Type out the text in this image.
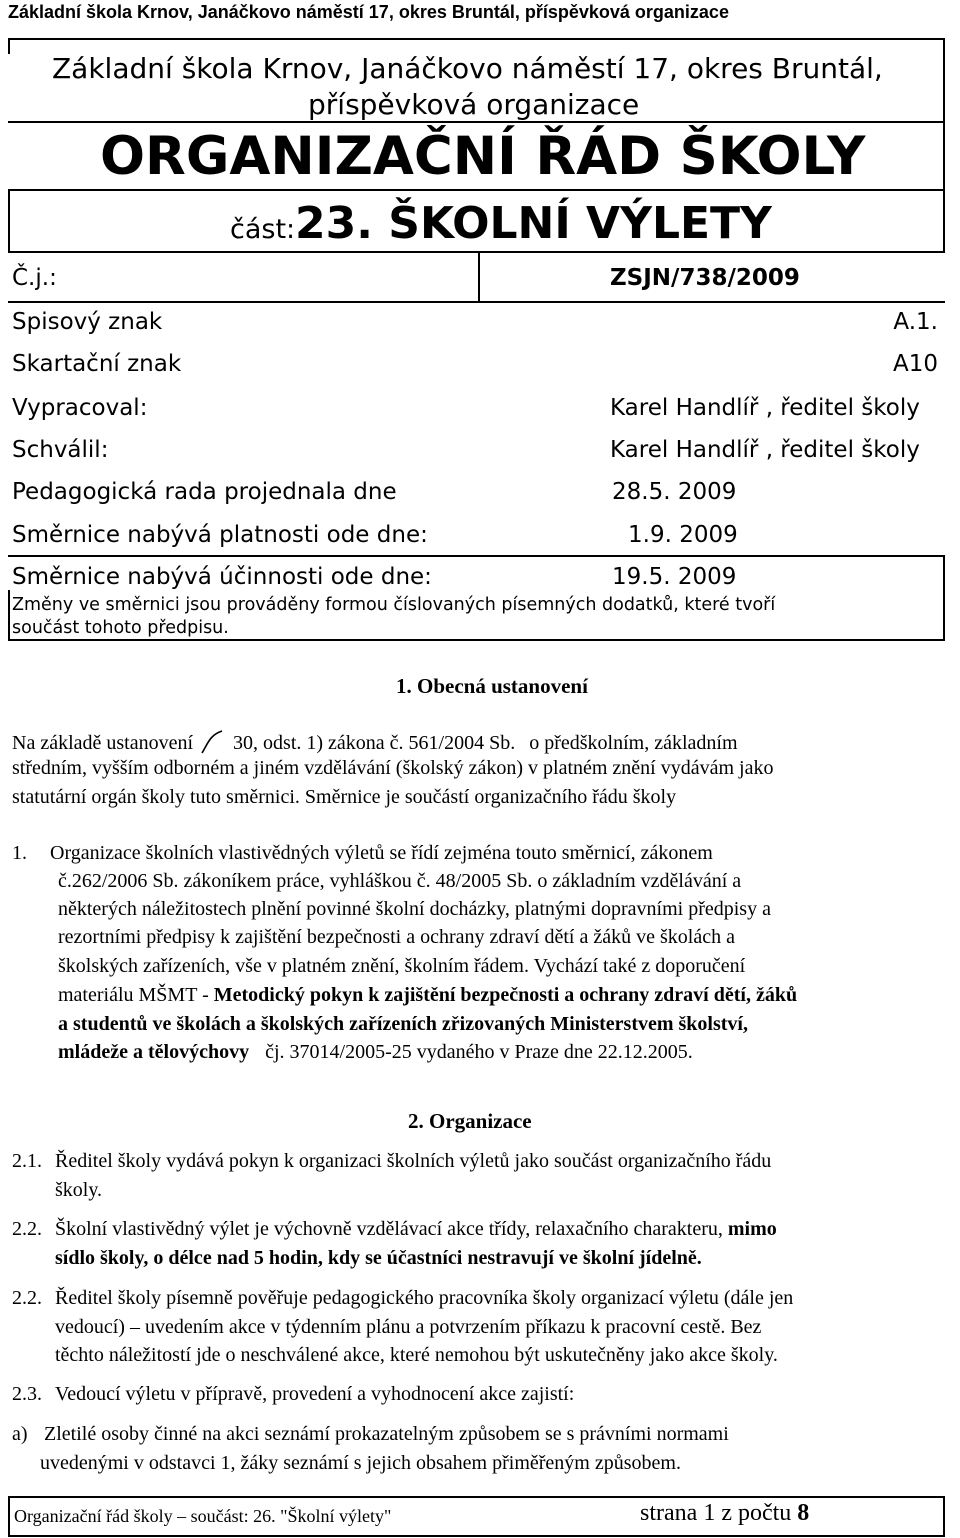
Základní škola Krnov, Janáčkovo náměstí 17, okres Bruntál, příspěvková organizace
Základní škola Krnov, Janáčkovo náměstí 17, okres Bruntál,
příspěvková organizace
ORGANIZAČNÍ ŘÁD ŠKOLY
část: 23. ŠKOLNÍ VÝLETY
Č.j.:	ZSJN/738/2009
Spisový znak	A.1.
Skartační znak	A10
Vypracoval:	Karel Handlíř , ředitel školy
Schválil:	Karel Handlíř , ředitel školy
Pedagogická rada projednala dne	28.5. 2009
Směrnice nabývá platnosti ode dne:	1.9. 2009
Směrnice nabývá účinnosti ode dne:	19.5. 2009
Změny ve směrnici jsou prováděny formou číslovaných písemných dodatků, které tvoří
součást tohoto předpisu.
1. Obecná ustanovení
Na základě ustanovení 30, odst. 1) zákona č. 561/2004 Sb. o předškolním, základním
středním, vyšším odborném a jiném vzdělávání (školský zákon) v platném znění vydávám jako
statutární orgán školy tuto směrnici. Směrnice je součástí organizačního řádu školy
1. Organizace školních vlastivědných výletů se řídí zejména touto směrnicí, zákonem
č.262/2006 Sb. zákoníkem práce, vyhláškou č. 48/2005 Sb. o základním vzdělávání a
některých náležitostech plnění povinné školní docházky, platnými dopravními předpisy a
rezortními předpisy k zajištění bezpečnosti a ochrany zdraví dětí a žáků ve školách a
školských zařízeních, vše v platném znění, školním řádem. Vychází také z doporučení
materiálu MŠMT - Metodický pokyn k zajištění bezpečnosti a ochrany zdraví dětí, žáků
a studentů ve školách a školských zařízeních zřizovaných Ministerstvem školství,
mládeže a tělovýchovy čj. 37014/2005-25 vydaného v Praze dne 22.12.2005.
2. Organizace
2.1. Ředitel školy vydává pokyn k organizaci školních výletů jako součást organizačního řádu
školy.
2.2. Školní vlastivědný výlet je výchovně vzdělávací akce třídy, relaxačního charakteru, mimo
sídlo školy, o délce nad 5 hodin, kdy se účastníci nestravují ve školní jídelně.
2.2. Ředitel školy písemně pověřuje pedagogického pracovníka školy organizací výletu (dále jen
vedoucí) – uvedením akce v týdenním plánu a potvrzením příkazu k pracovní cestě. Bez
těchto náležitostí jde o neschválené akce, které nemohou být uskutečněny jako akce školy.
2.3. Vedoucí výletu v přípravě, provedení a vyhodnocení akce zajistí:
a) Zletilé osoby činné na akci seznámí prokazatelným způsobem se s právními normami
uvedenými v odstavci 1, žáky seznámí s jejich obsahem přiměřeným způsobem.
Organizační řád školy – součást: 26. "Školní výlety"	strana 1 z počtu 8
